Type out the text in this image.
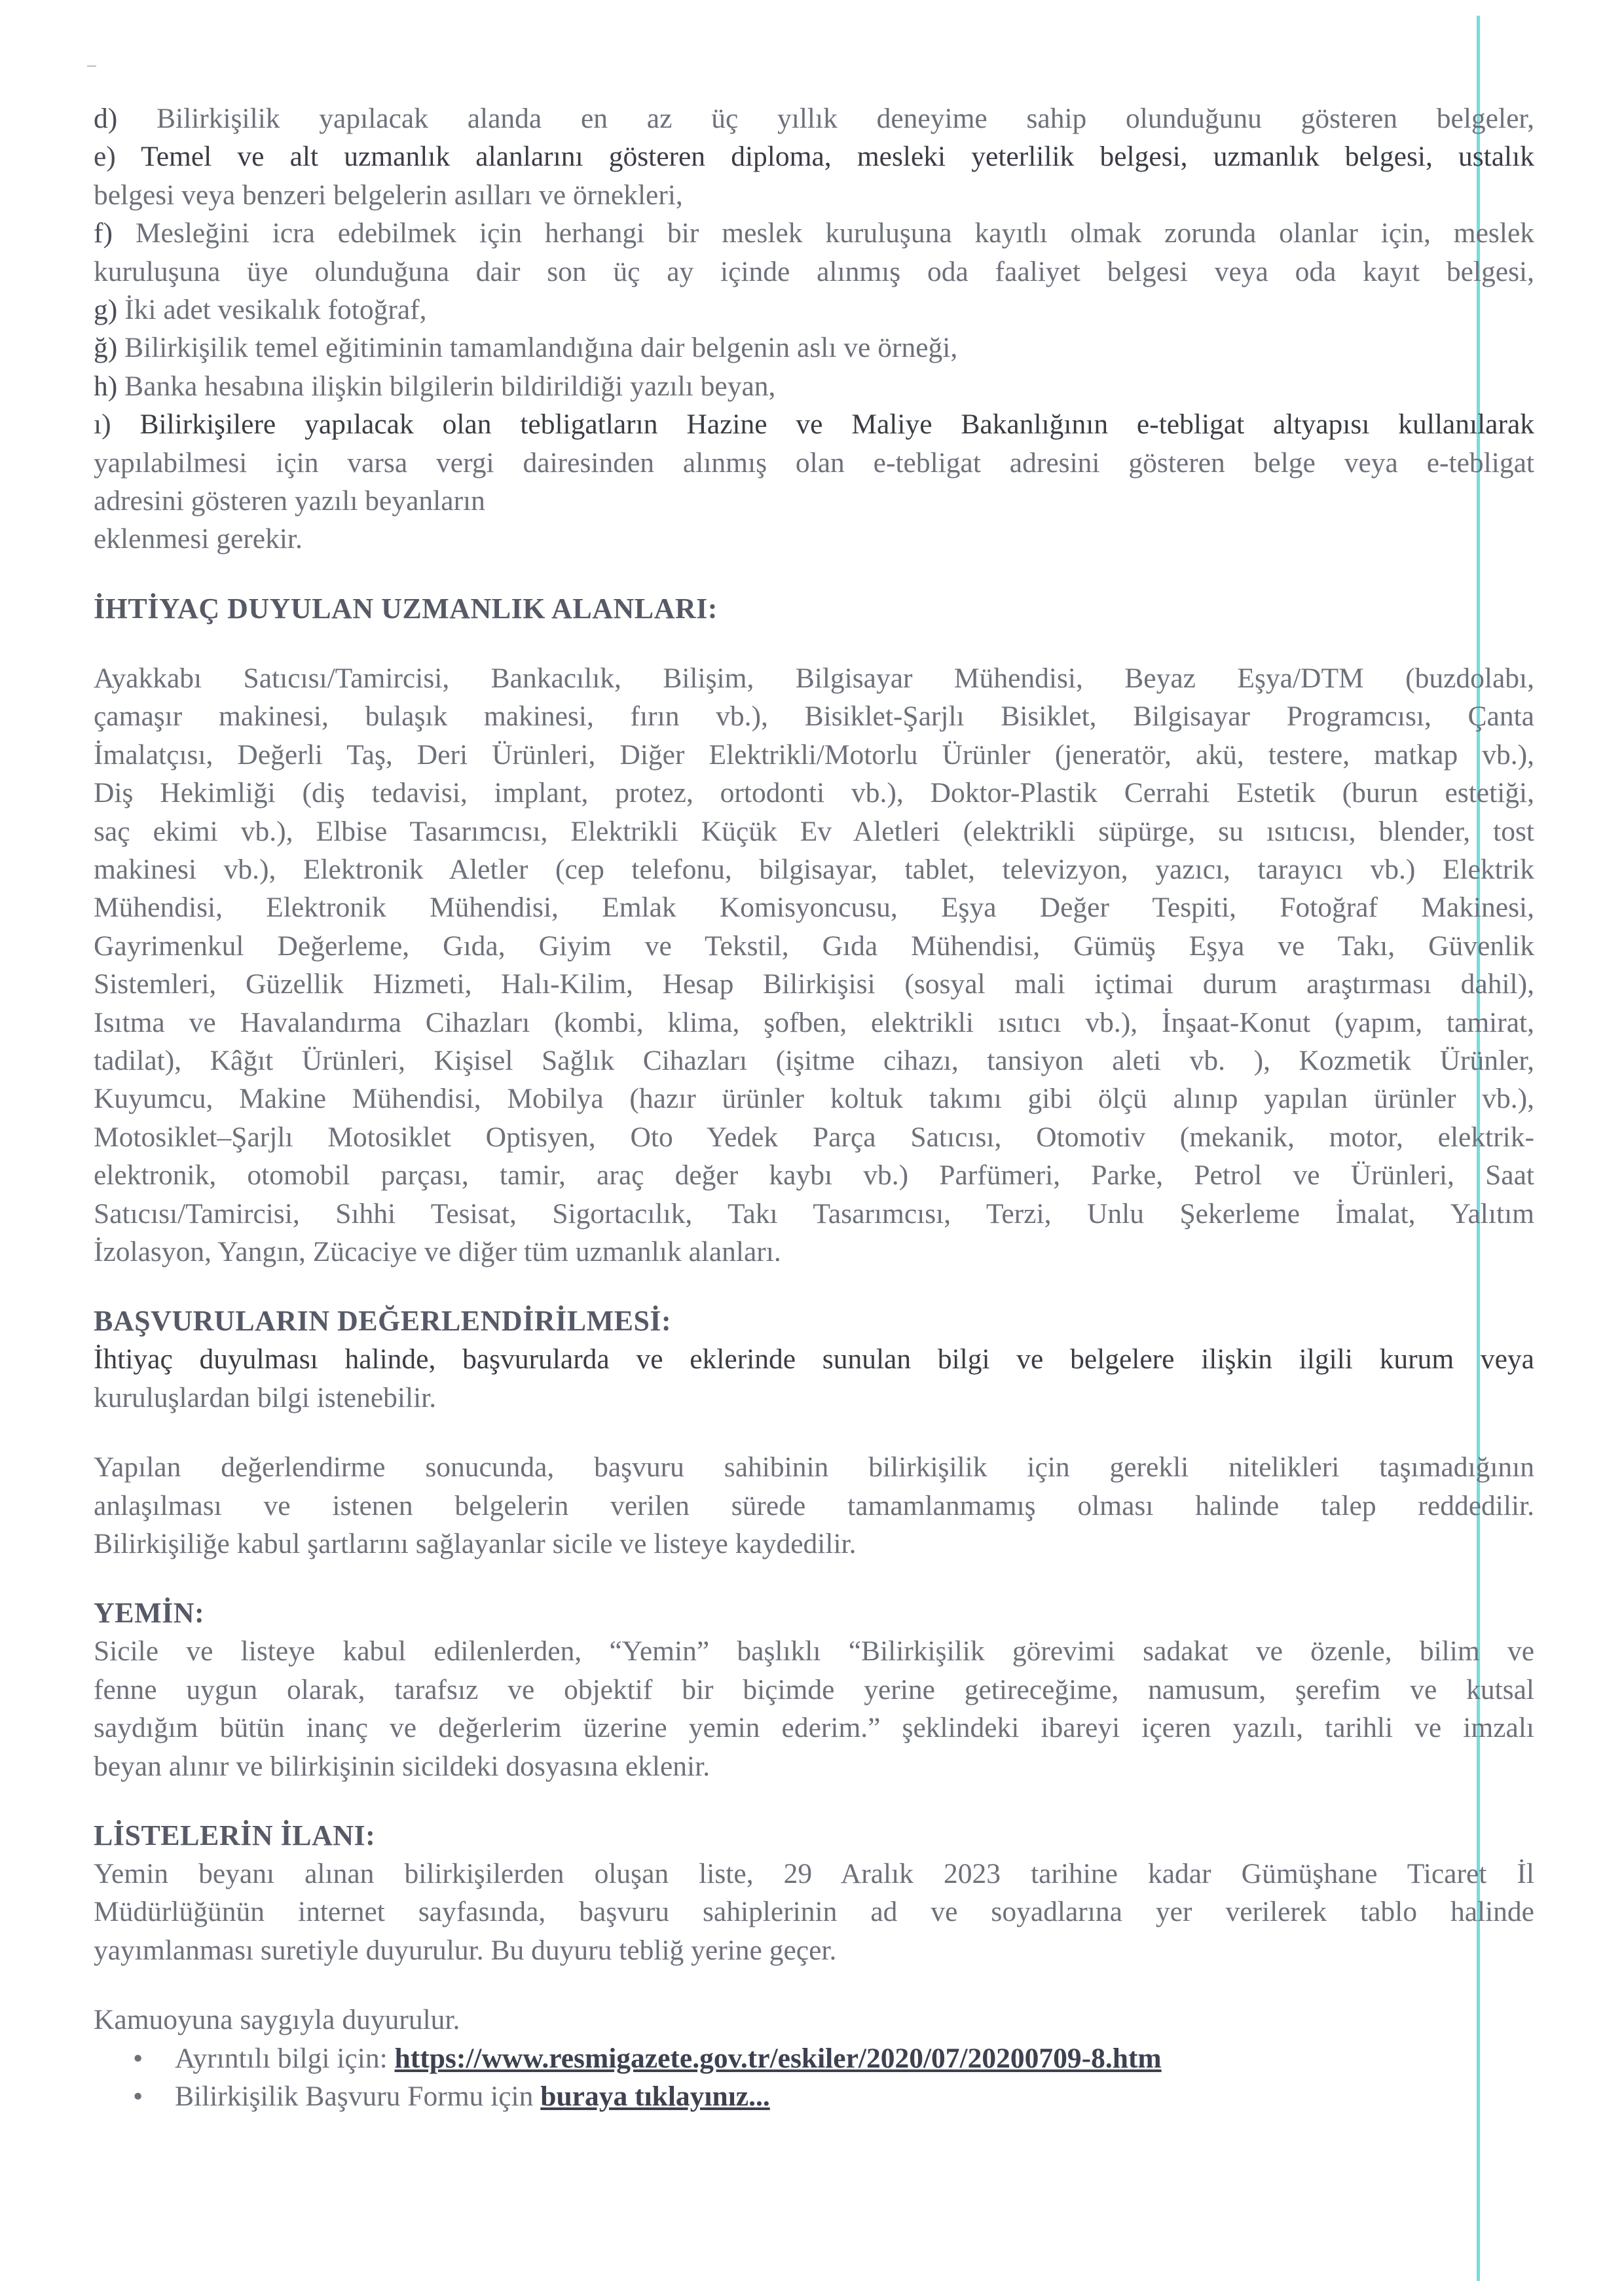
d) Bilirkişilik yapılacak alanda en az üç yıllık deneyime sahip olunduğunu gösteren belgeler,
e) Temel ve alt uzmanlık alanlarını gösteren diploma, mesleki yeterlilik belgesi, uzmanlık belgesi, ustalık
belgesi veya benzeri belgelerin asılları ve örnekleri,
f) Mesleğini icra edebilmek için herhangi bir meslek kuruluşuna kayıtlı olmak zorunda olanlar için, meslek
kuruluşuna üye olunduğuna dair son üç ay içinde alınmış oda faaliyet belgesi veya oda kayıt belgesi,
g) İki adet vesikalık fotoğraf,
ğ) Bilirkişilik temel eğitiminin tamamlandığına dair belgenin aslı ve örneği,
h) Banka hesabına ilişkin bilgilerin bildirildiği yazılı beyan,
ı) Bilirkişilere yapılacak olan tebligatların Hazine ve Maliye Bakanlığının e-tebligat altyapısı kullanılarak
yapılabilmesi için varsa vergi dairesinden alınmış olan e-tebligat adresini gösteren belge veya e-tebligat
adresini gösteren yazılı beyanların
eklenmesi gerekir.
İHTİYAÇ DUYULAN UZMANLIK ALANLARI:
Ayakkabı Satıcısı/Tamircisi, Bankacılık, Bilişim, Bilgisayar Mühendisi, Beyaz Eşya/DTM (buzdolabı,
çamaşır makinesi, bulaşık makinesi, fırın vb.), Bisiklet-Şarjlı Bisiklet, Bilgisayar Programcısı, Çanta
İmalatçısı, Değerli Taş, Deri Ürünleri, Diğer Elektrikli/Motorlu Ürünler (jeneratör, akü, testere, matkap vb.),
Diş Hekimliği (diş tedavisi, implant, protez, ortodonti vb.), Doktor-Plastik Cerrahi Estetik (burun estetiği,
saç ekimi vb.), Elbise Tasarımcısı, Elektrikli Küçük Ev Aletleri (elektrikli süpürge, su ısıtıcısı, blender, tost
makinesi vb.), Elektronik Aletler (cep telefonu, bilgisayar, tablet, televizyon, yazıcı, tarayıcı vb.) Elektrik
Mühendisi, Elektronik Mühendisi, Emlak Komisyoncusu, Eşya Değer Tespiti, Fotoğraf Makinesi,
Gayrimenkul Değerleme, Gıda, Giyim ve Tekstil, Gıda Mühendisi, Gümüş Eşya ve Takı, Güvenlik
Sistemleri, Güzellik Hizmeti, Halı-Kilim, Hesap Bilirkişisi (sosyal mali içtimai durum araştırması dahil),
Isıtma ve Havalandırma Cihazları (kombi, klima, şofben, elektrikli ısıtıcı vb.), İnşaat-Konut (yapım, tamirat,
tadilat), Kâğıt Ürünleri, Kişisel Sağlık Cihazları (işitme cihazı, tansiyon aleti vb. ), Kozmetik Ürünler,
Kuyumcu, Makine Mühendisi, Mobilya (hazır ürünler koltuk takımı gibi ölçü alınıp yapılan ürünler vb.),
Motosiklet–Şarjlı Motosiklet Optisyen, Oto Yedek Parça Satıcısı, Otomotiv (mekanik, motor, elektrik-
elektronik, otomobil parçası, tamir, araç değer kaybı vb.) Parfümeri, Parke, Petrol ve Ürünleri, Saat
Satıcısı/Tamircisi, Sıhhi Tesisat, Sigortacılık, Takı Tasarımcısı, Terzi, Unlu Şekerleme İmalat, Yalıtım
İzolasyon, Yangın, Zücaciye ve diğer tüm uzmanlık alanları.
BAŞVURULARIN DEĞERLENDİRİLMESİ:
İhtiyaç duyulması halinde, başvurularda ve eklerinde sunulan bilgi ve belgelere ilişkin ilgili kurum veya
kuruluşlardan bilgi istenebilir.
Yapılan değerlendirme sonucunda, başvuru sahibinin bilirkişilik için gerekli nitelikleri taşımadığının
anlaşılması ve istenen belgelerin verilen sürede tamamlanmamış olması halinde talep reddedilir.
Bilirkişiliğe kabul şartlarını sağlayanlar sicile ve listeye kaydedilir.
YEMİN:
Sicile ve listeye kabul edilenlerden, “Yemin” başlıklı “Bilirkişilik görevimi sadakat ve özenle, bilim ve
fenne uygun olarak, tarafsız ve objektif bir biçimde yerine getireceğime, namusum, şerefim ve kutsal
saydığım bütün inanç ve değerlerim üzerine yemin ederim.” şeklindeki ibareyi içeren yazılı, tarihli ve imzalı
beyan alınır ve bilirkişinin sicildeki dosyasına eklenir.
LİSTELERİN İLANI:
Yemin beyanı alınan bilirkişilerden oluşan liste, 29 Aralık 2023 tarihine kadar Gümüşhane Ticaret İl
Müdürlüğünün internet sayfasında, başvuru sahiplerinin ad ve soyadlarına yer verilerek tablo halinde
yayımlanması suretiyle duyurulur. Bu duyuru tebliğ yerine geçer.
Kamuoyuna saygıyla duyurulur.
• Ayrıntılı bilgi için: https://www.resmigazete.gov.tr/eskiler/2020/07/20200709-8.htm
• Bilirkişilik Başvuru Formu için buraya tıklayınız...
